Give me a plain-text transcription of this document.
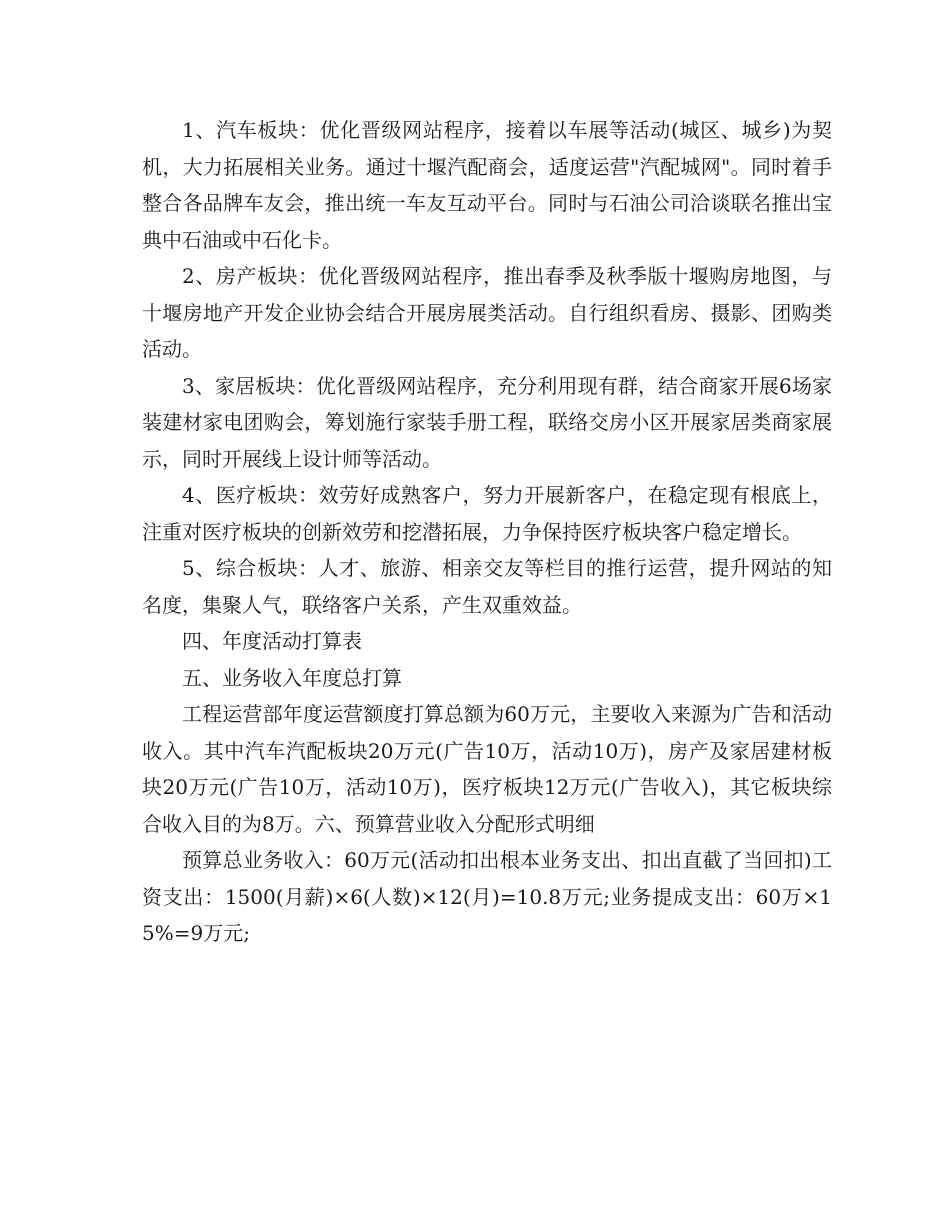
1、汽车板块：优化晋级网站程序，接着以车展等活动(城区、城乡)为契机，大力拓展相关业务。通过十堰汽配商会，适度运营"汽配城网"。同时着手整合各品牌车友会，推出统一车友互动平台。同时与石油公司洽谈联名推出宝典中石油或中石化卡。

2、房产板块：优化晋级网站程序，推出春季及秋季版十堰购房地图，与十堰房地产开发企业协会结合开展房展类活动。自行组织看房、摄影、团购类活动。

3、家居板块：优化晋级网站程序，充分利用现有群，结合商家开展6场家装建材家电团购会，筹划施行家装手册工程，联络交房小区开展家居类商家展示，同时开展线上设计师等活动。

4、医疗板块：效劳好成熟客户，努力开展新客户，在稳定现有根底上，注重对医疗板块的创新效劳和挖潜拓展，力争保持医疗板块客户稳定增长。

5、综合板块：人才、旅游、相亲交友等栏目的推行运营，提升网站的知名度，集聚人气，联络客户关系，产生双重效益。

四、年度活动打算表

五、业务收入年度总打算

工程运营部年度运营额度打算总额为60万元，主要收入来源为广告和活动收入。其中汽车汽配板块20万元(广告10万，活动10万)，房产及家居建材板块20万元(广告10万，活动10万)，医疗板块12万元(广告收入)，其它板块综合收入目的为8万。六、预算营业收入分配形式明细

预算总业务收入：60万元(活动扣出根本业务支出、扣出直截了当回扣)工资支出：1500(月薪)×6(人数)×12(月)=10.8万元;业务提成支出：60万×15%=9万元;
